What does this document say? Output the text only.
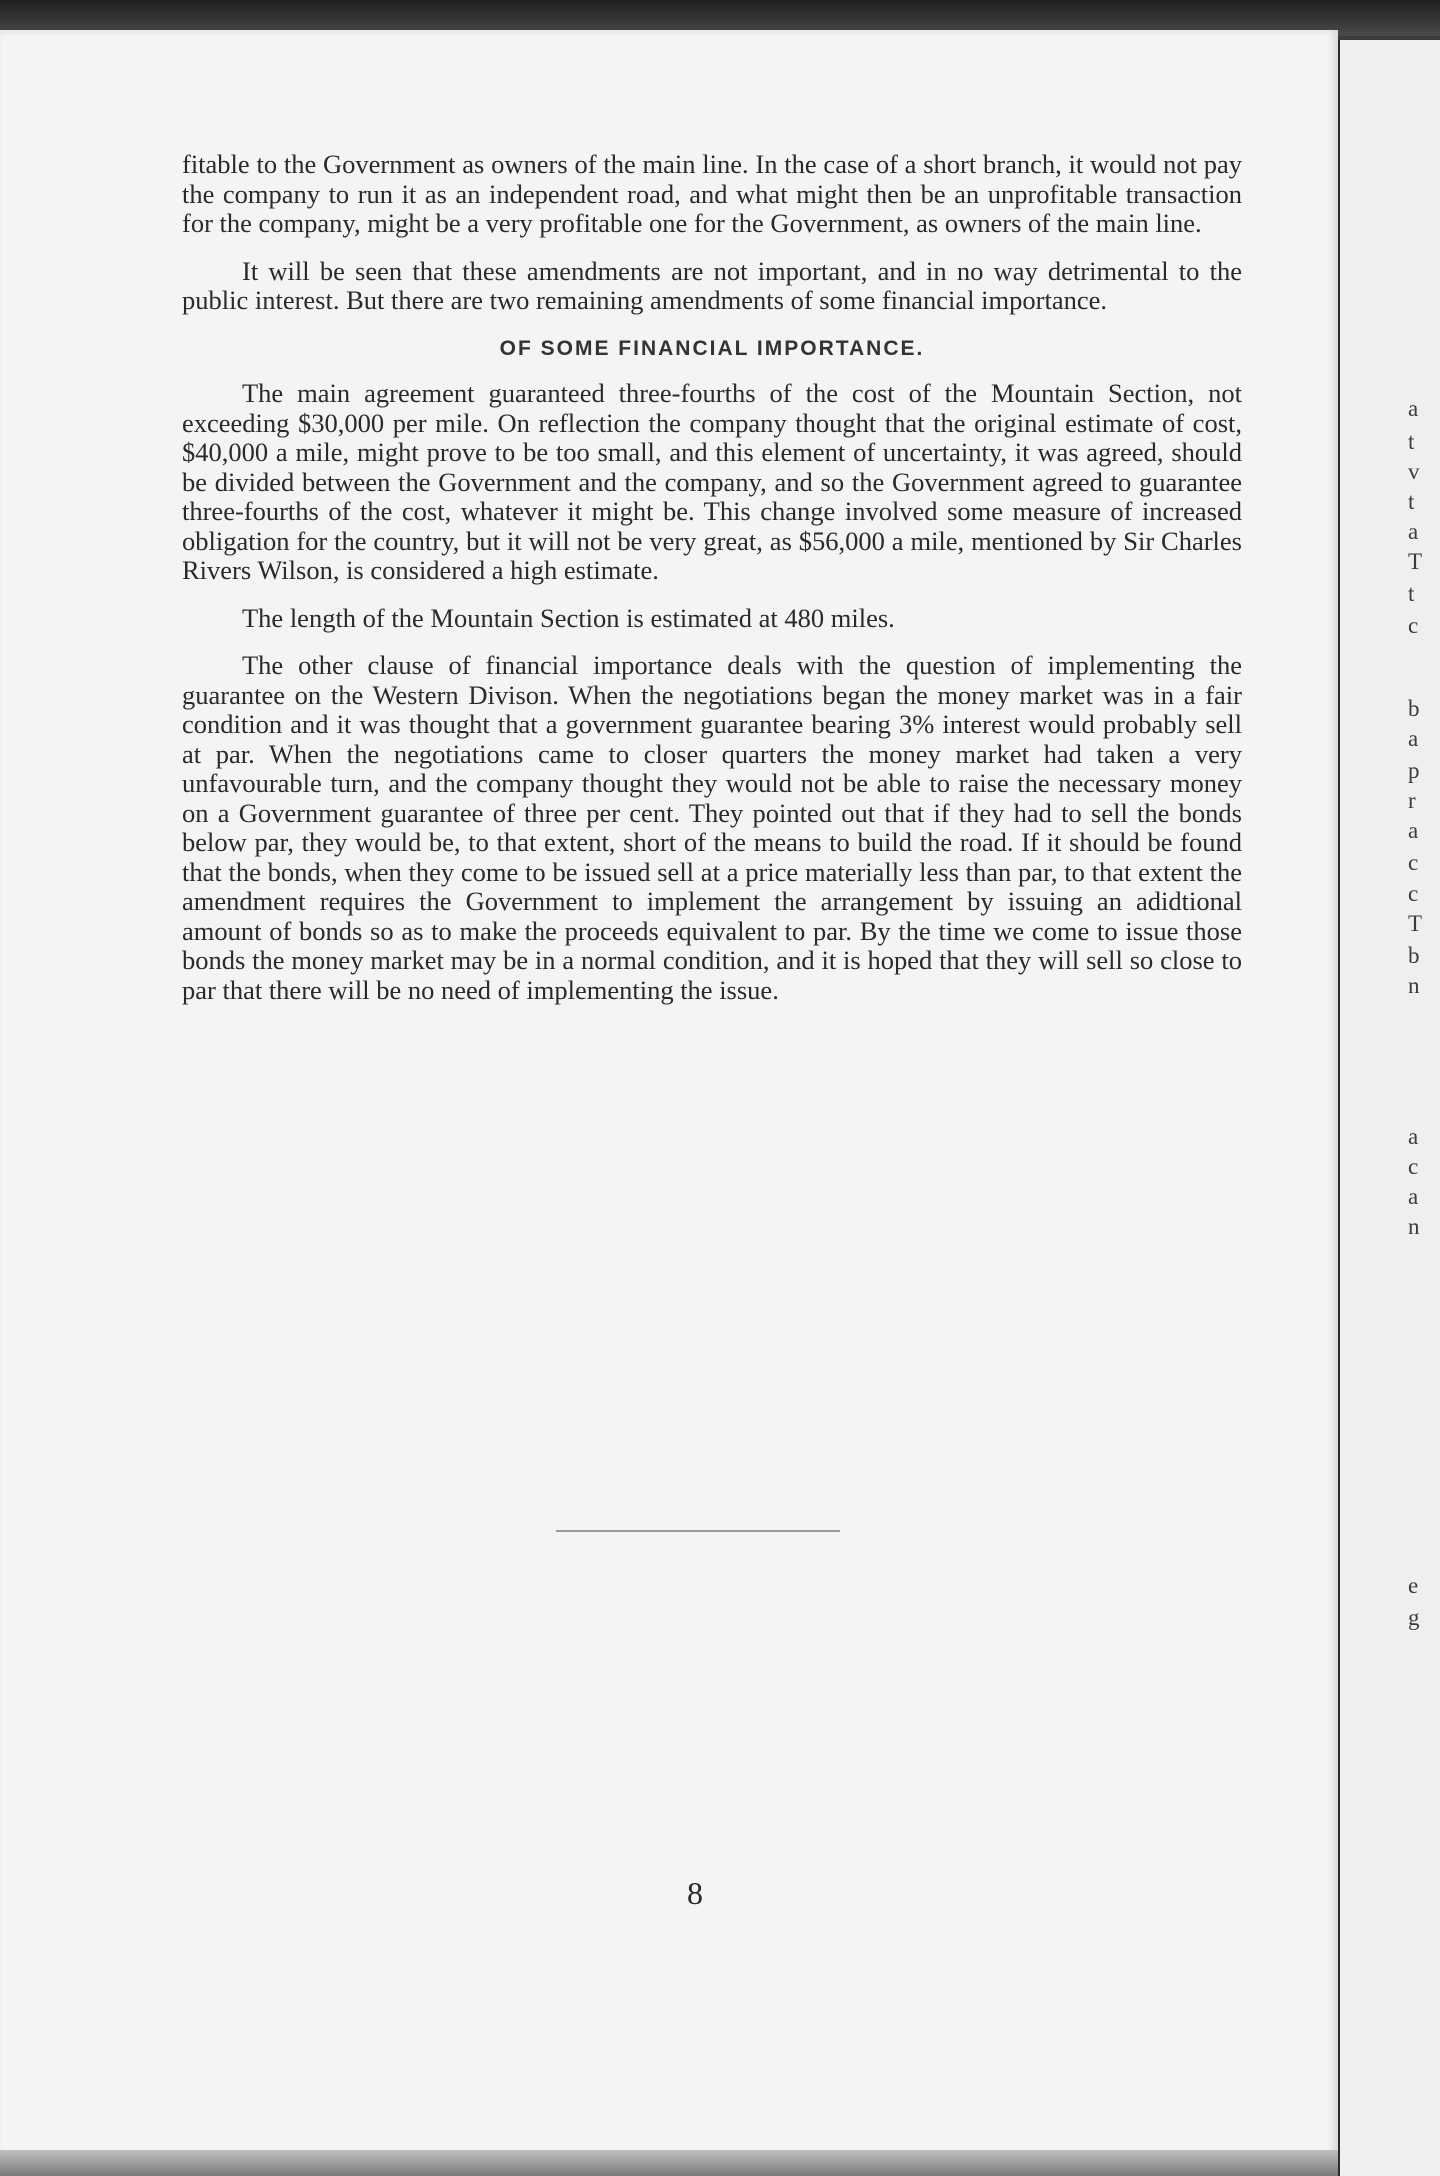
a
t
v
t
a
T
t
c
b
a
p
r
a
c
c
T
b
n
a
c
a
n
e
g

fitable to the Government as owners of the main line. In the case of a short branch, it would not pay the company to run it as an independent road, and what might then be an unprofitable transaction for the company, might be a very profitable one for the Government, as owners of the main line.

It will be seen that these amendments are not important, and in no way detrimental to the public interest. But there are two remaining amendments of some financial importance.

OF SOME FINANCIAL IMPORTANCE.

The main agreement guaranteed three-fourths of the cost of the Mountain Section, not exceeding $30,000 per mile. On reflection the company thought that the original estimate of cost, $40,000 a mile, might prove to be too small, and this element of uncertainty, it was agreed, should be divided between the Government and the company, and so the Government agreed to guarantee three-fourths of the cost, whatever it might be. This change involved some measure of increased obligation for the country, but it will not be very great, as $56,000 a mile, mentioned by Sir Charles Rivers Wilson, is considered a high estimate.

The length of the Mountain Section is estimated at 480 miles.

The other clause of financial importance deals with the question of implementing the guarantee on the Western Divison. When the negotiations began the money market was in a fair condition and it was thought that a government guarantee bearing 3% interest would probably sell at par. When the negotiations came to closer quarters the money market had taken a very unfavourable turn, and the company thought they would not be able to raise the necessary money on a Government guarantee of three per cent. They pointed out that if they had to sell the bonds below par, they would be, to that extent, short of the means to build the road. If it should be found that the bonds, when they come to be issued sell at a price materially less than par, to that extent the amendment requires the Government to implement the arrangement by issuing an adidtional amount of bonds so as to make the proceeds equivalent to par. By the time we come to issue those bonds the money market may be in a normal condition, and it is hoped that they will sell so close to par that there will be no need of implementing the issue.

8
